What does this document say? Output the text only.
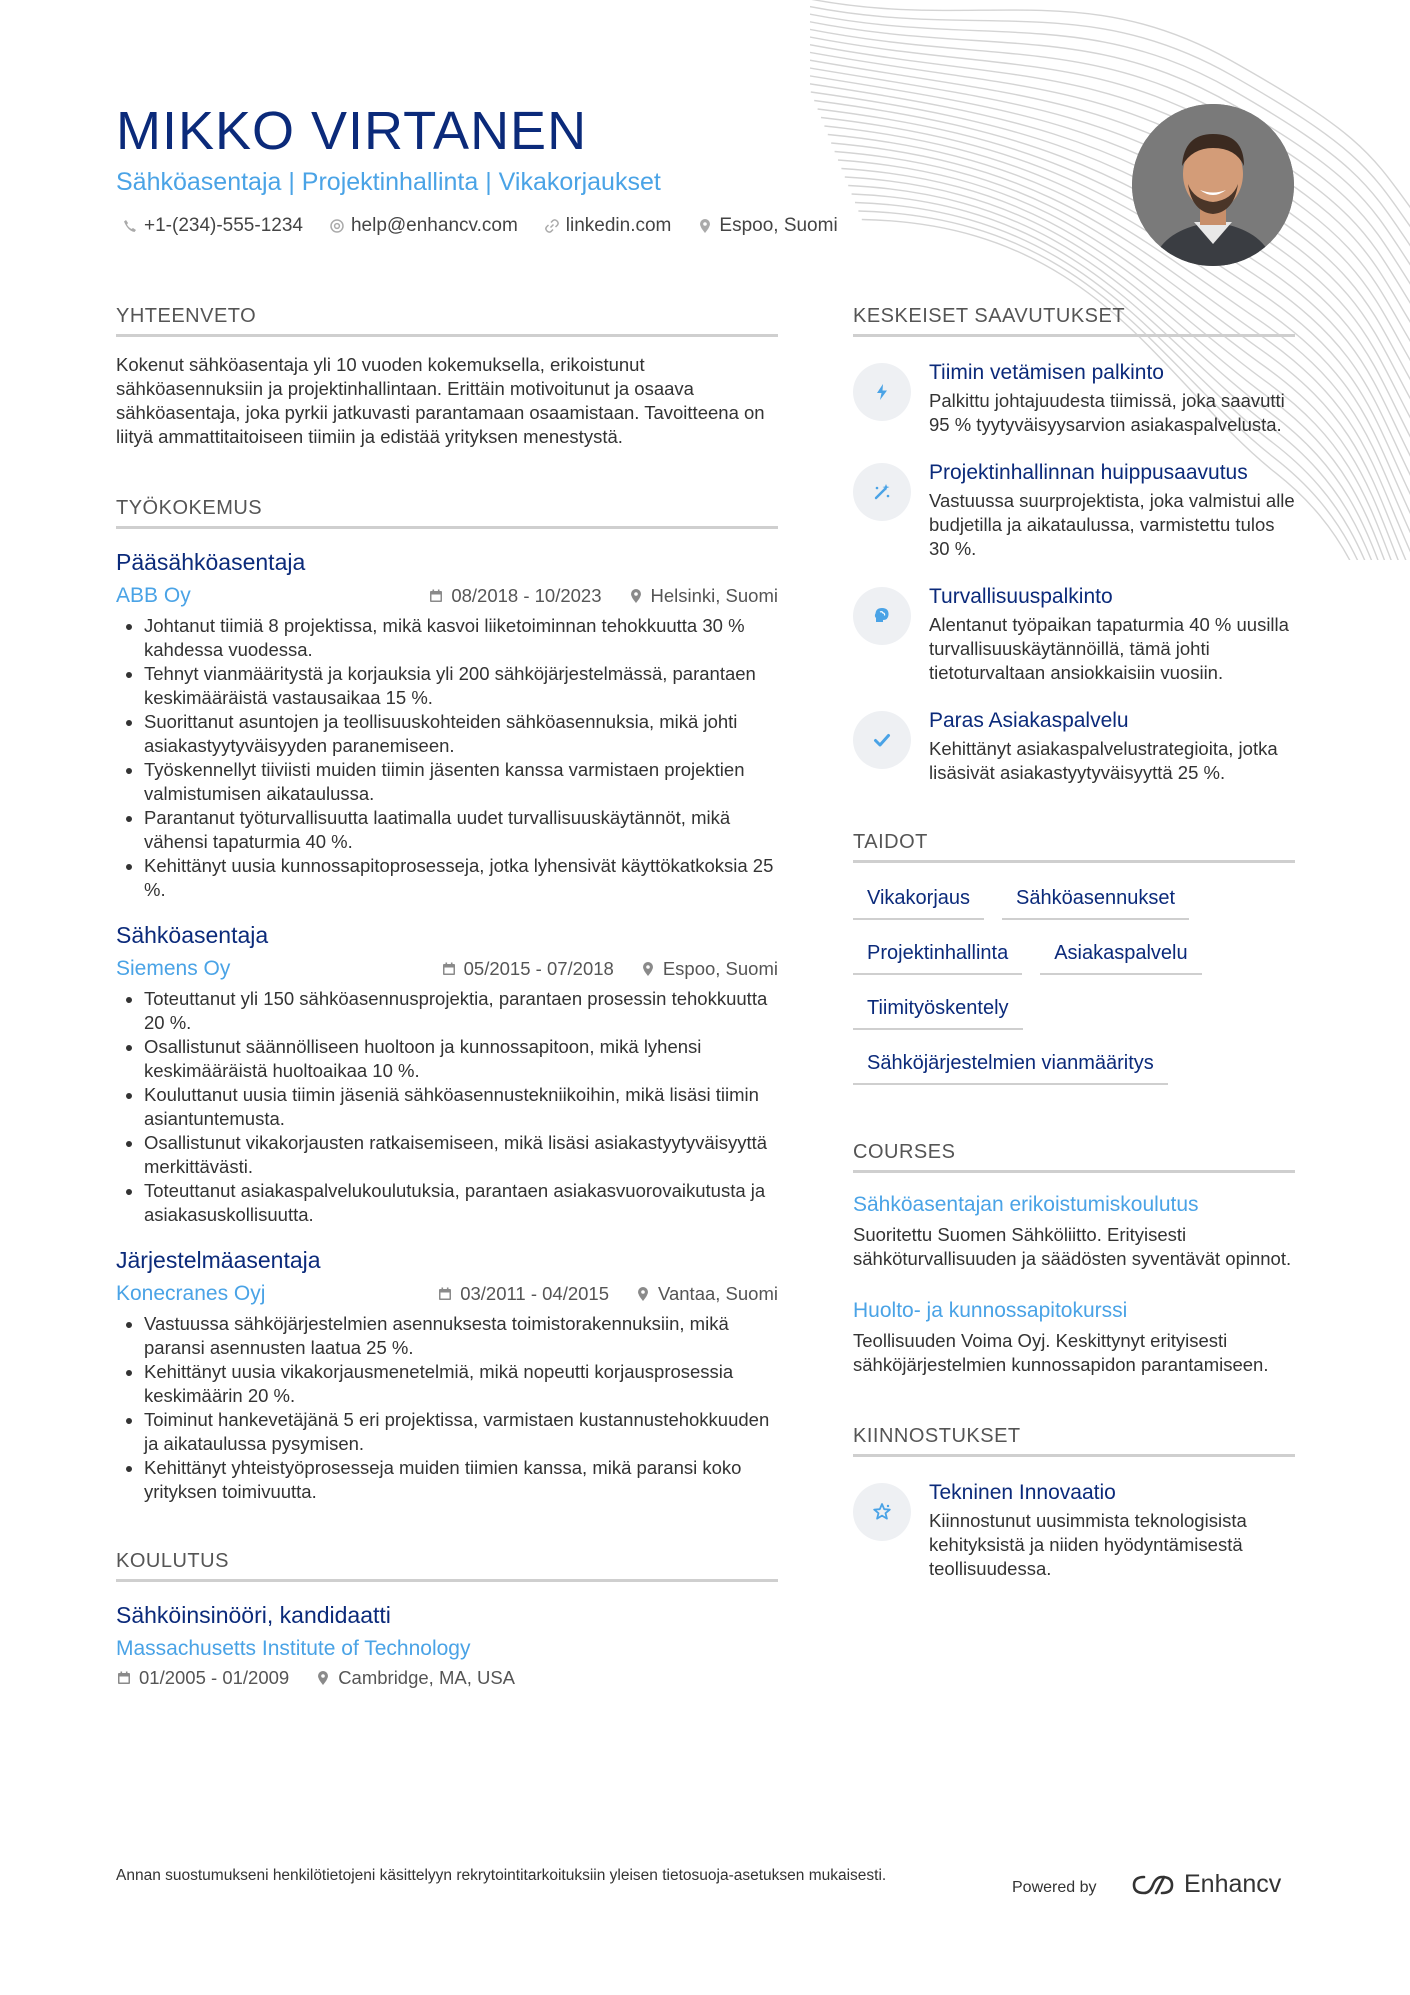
MIKKO VIRTANEN
Sähköasentaja | Projektinhallinta | Vikakorjaukset
+1-(234)-555-1234	help@enhancv.com	linkedin.com	Espoo, Suomi
YHTEENVETO

Kokenut sähköasentaja yli 10 vuoden kokemuksella, erikoistunut sähköasennuksiin ja projektinhallintaan. Erittäin motivoitunut ja osaava sähköasentaja, joka pyrkii jatkuvasti parantamaan osaamistaan. Tavoitteena on liityä ammattitaitoiseen tiimiin ja edistää yrityksen menestystä.

TYÖKOKEMUS
Pääsähköasentaja
ABB Oy	08/2018 - 10/2023	Helsinki, Suomi
Johtanut tiimiä 8 projektissa, mikä kasvoi liiketoiminnan tehokkuutta 30 % kahdessa vuodessa.
Tehnyt vianmääritystä ja korjauksia yli 200 sähköjärjestelmässä, parantaen keskimääräistä vastausaikaa 15 %.
Suorittanut asuntojen ja teollisuuskohteiden sähköasennuksia, mikä johti asiakastyytyväisyyden paranemiseen.
Työskennellyt tiiviisti muiden tiimin jäsenten kanssa varmistaen projektien valmistumisen aikataulussa.
Parantanut työturvallisuutta laatimalla uudet turvallisuuskäytännöt, mikä vähensi tapaturmia 40 %.
Kehittänyt uusia kunnossapitoprosesseja, jotka lyhensivät käyttökatkoksia 25 %.
Sähköasentaja
Siemens Oy	05/2015 - 07/2018	Espoo, Suomi
Toteuttanut yli 150 sähköasennusprojektia, parantaen prosessin tehokkuutta 20 %.
Osallistunut säännölliseen huoltoon ja kunnossapitoon, mikä lyhensi keskimääräistä huoltoaikaa 10 %.
Kouluttanut uusia tiimin jäseniä sähköasennustekniikoihin, mikä lisäsi tiimin asiantuntemusta.
Osallistunut vikakorjausten ratkaisemiseen, mikä lisäsi asiakastyytyväisyyttä merkittävästi.
Toteuttanut asiakaspalvelukoulutuksia, parantaen asiakasvuorovaikutusta ja asiakasuskollisuutta.
Järjestelmäasentaja
Konecranes Oyj	03/2011 - 04/2015	Vantaa, Suomi
Vastuussa sähköjärjestelmien asennuksesta toimistorakennuksiin, mikä paransi asennusten laatua 25 %.
Kehittänyt uusia vikakorjausmenetelmiä, mikä nopeutti korjausprosessia keskimäärin 20 %.
Toiminut hankevetäjänä 5 eri projektissa, varmistaen kustannustehokkuuden ja aikataulussa pysymisen.
Kehittänyt yhteistyöprosesseja muiden tiimien kanssa, mikä paransi koko yrityksen toimivuutta.
KOULUTUS
Sähköinsinööri, kandidaatti
Massachusetts Institute of Technology
01/2005 - 01/2009	Cambridge, MA, USA
KESKEISET SAAVUTUKSET
Tiimin vetämisen palkinto
Palkittu johtajuudesta tiimissä, joka saavutti 95 % tyytyväisyysarvion asiakaspalvelusta.
Projektinhallinnan huippusaavutus
Vastuussa suurprojektista, joka valmistui alle budjetilla ja aikataulussa, varmistettu tulos 30 %.
Turvallisuuspalkinto
Alentanut työpaikan tapaturmia 40 % uusilla turvallisuuskäytännöillä, tämä johti tietoturvaltaan ansiokkaisiin vuosiin.
Paras Asiakaspalvelu
Kehittänyt asiakaspalvelustrategioita, jotka lisäsivät asiakastyytyväisyyttä 25 %.
TAIDOT
Vikakorjaus	Sähköasennukset
Projektinhallinta	Asiakaspalvelu
Tiimityöskentely
Sähköjärjestelmien vianmääritys
COURSES
Sähköasentajan erikoistumiskoulutus
Suoritettu Suomen Sähköliitto. Erityisesti sähköturvallisuuden ja säädösten syventävät opinnot.
Huolto- ja kunnossapitokurssi
Teollisuuden Voima Oyj. Keskittynyt erityisesti sähköjärjestelmien kunnossapidon parantamiseen.
KIINNOSTUKSET
Tekninen Innovaatio
Kiinnostunut uusimmista teknologisista kehityksistä ja niiden hyödyntämisestä teollisuudessa.
Annan suostumukseni henkilötietojeni käsittelyyn rekrytointitarkoituksiin yleisen tietosuoja-asetuksen mukaisesti.
Powered by	Enhancv
